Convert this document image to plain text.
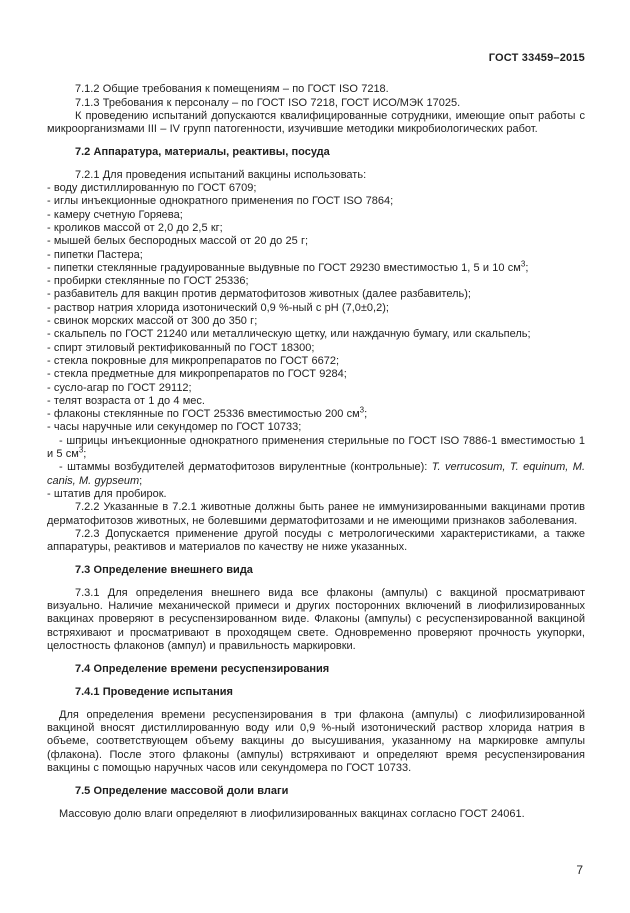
ГОСТ 33459–2015

7.1.2 Общие требования к помещениям – по ГОСТ ISO 7218.

7.1.3 Требования к персоналу – по ГОСТ ISO 7218, ГОСТ ИСО/МЭК 17025.

К проведению испытаний допускаются квалифицированные сотрудники, имеющие опыт работы с микроорганизмами III – IV групп патогенности, изучившие методики микробиологических работ.

7.2 Аппаратура, материалы, реактивы, посуда

7.2.1 Для проведения испытаний вакцины использовать:

- воду дистиллированную по ГОСТ 6709;

- иглы инъекционные однократного применения по ГОСТ ISO 7864;

- камеру счетную Горяева;

- кроликов массой от 2,0 до 2,5 кг;

- мышей белых беспородных массой от 20 до 25 г;

- пипетки Пастера;

- пипетки стеклянные градуированные выдувные по ГОСТ 29230 вместимостью 1, 5 и 10 $см^3$;

- пробирки стеклянные по ГОСТ 25336;

- разбавитель для вакцин против дерматофитозов животных (далее разбавитель);

- раствор натрия хлорида изотонический 0,9 %-ный с рН (7,0±0,2);

- свинок морских массой от 300 до 350 г;

- скальпель по ГОСТ 21240 или металлическую щетку, или наждачную бумагу, или скальпель;

- спирт этиловый ректификованный по ГОСТ 18300;

- стекла покровные для микропрепаратов по ГОСТ 6672;

- стекла предметные для микропрепаратов по ГОСТ 9284;

- сусло-агар по ГОСТ 29112;

- телят возраста от 1 до 4 мес.

- флаконы стеклянные по ГОСТ 25336 вместимостью 200 $см^3$;

- часы наручные или секундомер по ГОСТ 10733;

- шприцы инъекционные однократного применения стерильные по ГОСТ ISO 7886-1 вместимостью 1 и 5 $см^3$;

- штаммы возбудителей дерматофитозов вирулентные (контрольные): T. verrucosum, T. equinum, M. canis, M. gypseum;

- штатив для пробирок.

7.2.2 Указанные в 7.2.1 животные должны быть ранее не иммунизированными вакцинами против дерматофитозов животных, не болевшими дерматофитозами и не имеющими признаков заболевания.

7.2.3 Допускается применение другой посуды с метрологическими характеристиками, а также аппаратуры, реактивов и материалов по качеству не ниже указанных.

7.3 Определение внешнего вида

7.3.1 Для определения внешнего вида все флаконы (ампулы) с вакциной просматривают визуально. Наличие механической примеси и других посторонних включений в лиофилизированных вакцинах проверяют в ресуспензированном виде. Флаконы (ампулы) с ресуспензированной вакциной встряхивают и просматривают в проходящем свете. Одновременно проверяют прочность укупорки, целостность флаконов (ампул) и правильность маркировки.

7.4 Определение времени ресуспензирования

7.4.1 Проведение испытания

Для определения времени ресуспензирования в три флакона (ампулы) с лиофилизированной вакциной вносят дистиллированную воду или 0,9 %-ный изотонический раствор хлорида натрия в объеме, соответствующем объему вакцины до высушивания, указанному на маркировке ампулы (флакона). После этого флаконы (ампулы) встряхивают и определяют время ресуспензирования вакцины с помощью наручных часов или секундомера по ГОСТ 10733.

7.5 Определение массовой доли влаги

Массовую долю влаги определяют в лиофилизированных вакцинах согласно ГОСТ 24061.

7
